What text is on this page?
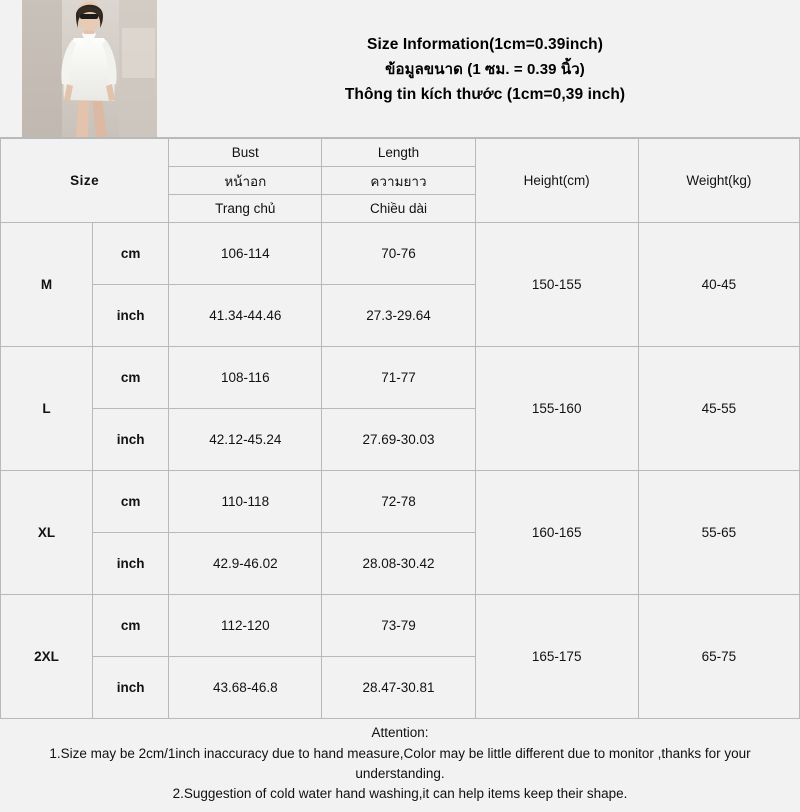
Size Information(1cm=0.39inch)
ข้อมูลขนาด (1 ซม. = 0.39 นิ้ว)
Thông tin kích thước (1cm=0,39 inch)
Size		Bust	Length	Height(cm)	Weight(kg)
		หน้าอก	ความยาว		
		Trang chủ	Chiều dài		
M	cm	106-114	70-76	150-155	40-45
	inch	41.34-44.46	27.3-29.64		
L	cm	108-116	71-77	155-160	45-55
	inch	42.12-45.24	27.69-30.03		
XL	cm	110-118	72-78	160-165	55-65
	inch	42.9-46.02	28.08-30.42		
2XL	cm	112-120	73-79	165-175	65-75
	inch	43.68-46.8	28.47-30.81		
Attention:
1.Size may be 2cm/1inch inaccuracy due to hand measure,Color may be little different due to monitor ,thanks for your
understanding.
2.Suggestion of cold water hand washing,it can help items keep their shape.
